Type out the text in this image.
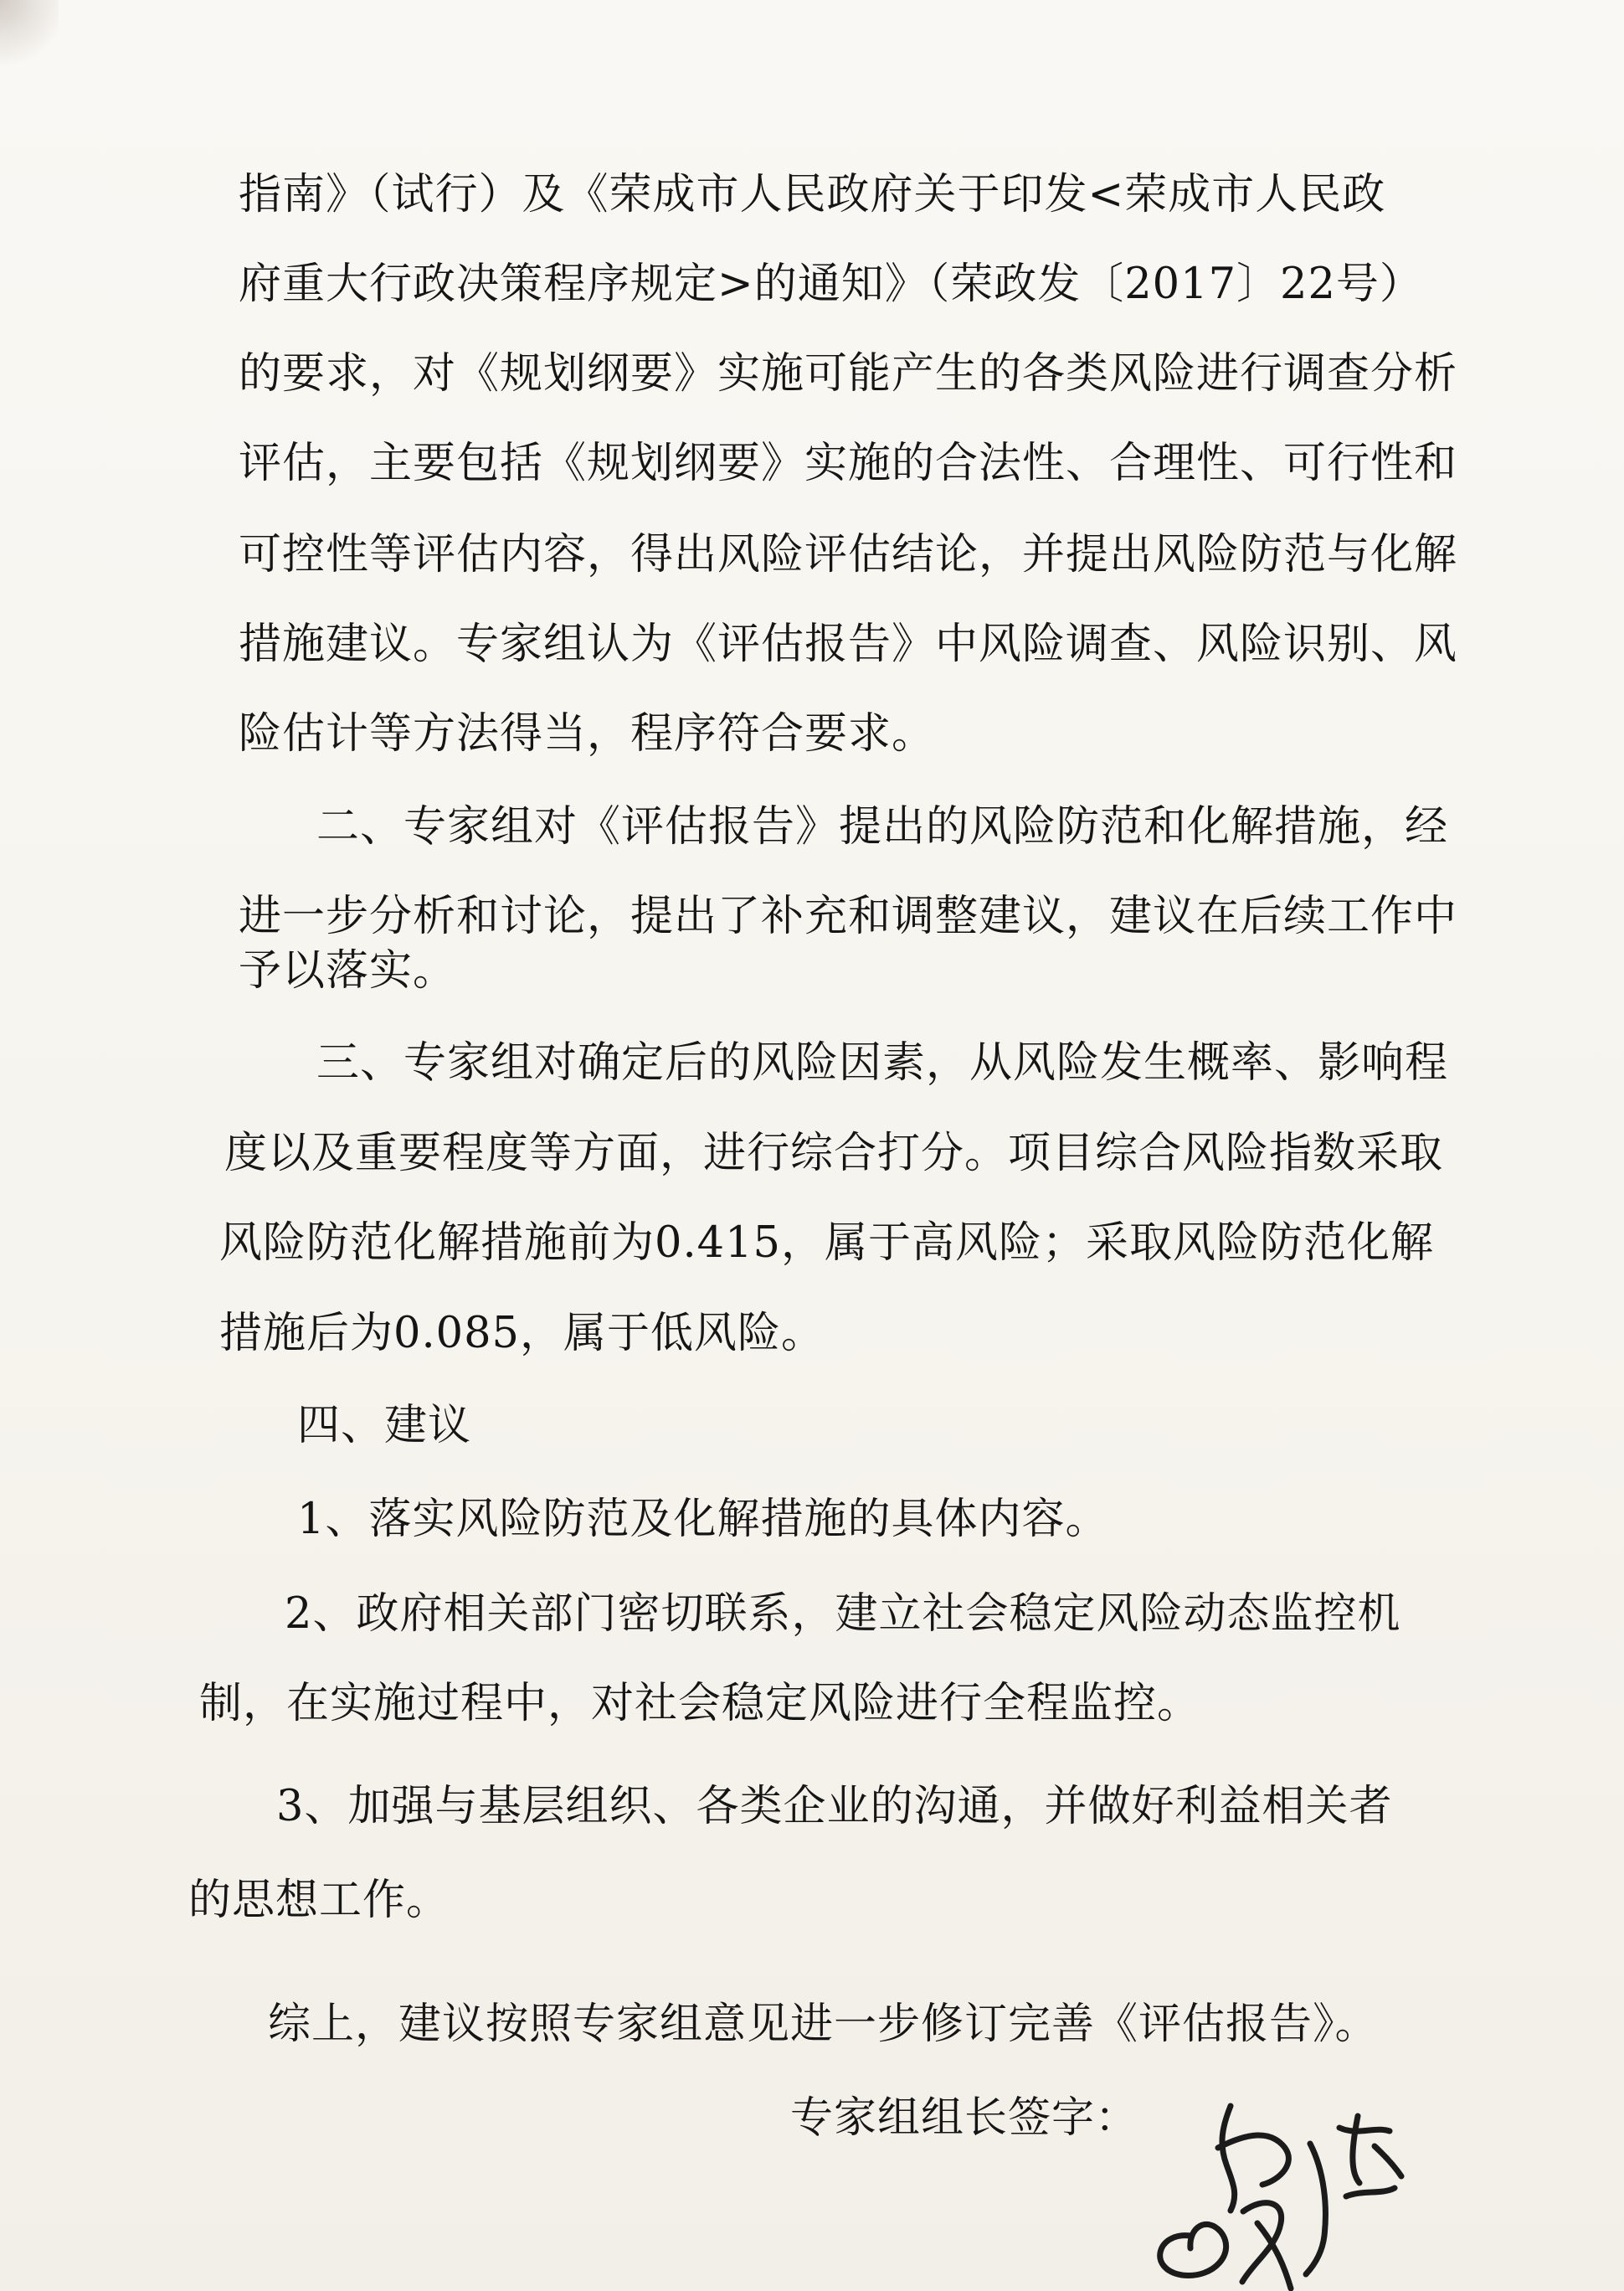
指南》（试行）及《荣成市人民政府关于印发<荣成市人民政
府重大行政决策程序规定>的通知》（荣政发〔2017〕22号）
的要求，对《规划纲要》实施可能产生的各类风险进行调查分析
评估，主要包括《规划纲要》实施的合法性、合理性、可行性和
可控性等评估内容，得出风险评估结论，并提出风险防范与化解
措施建议。专家组认为《评估报告》中风险调查、风险识别、风
险估计等方法得当，程序符合要求。
二、专家组对《评估报告》提出的风险防范和化解措施，经
进一步分析和讨论，提出了补充和调整建议，建议在后续工作中
予以落实。
三、专家组对确定后的风险因素，从风险发生概率、影响程
度以及重要程度等方面，进行综合打分。项目综合风险指数采取
风险防范化解措施前为0.415，属于高风险；采取风险防范化解
措施后为0.085，属于低风险。
四、建议
1、落实风险防范及化解措施的具体内容。
2、政府相关部门密切联系，建立社会稳定风险动态监控机
制，在实施过程中，对社会稳定风险进行全程监控。
3、加强与基层组织、各类企业的沟通，并做好利益相关者
的思想工作。
综上，建议按照专家组意见进一步修订完善《评估报告》。
专家组组长签字：
